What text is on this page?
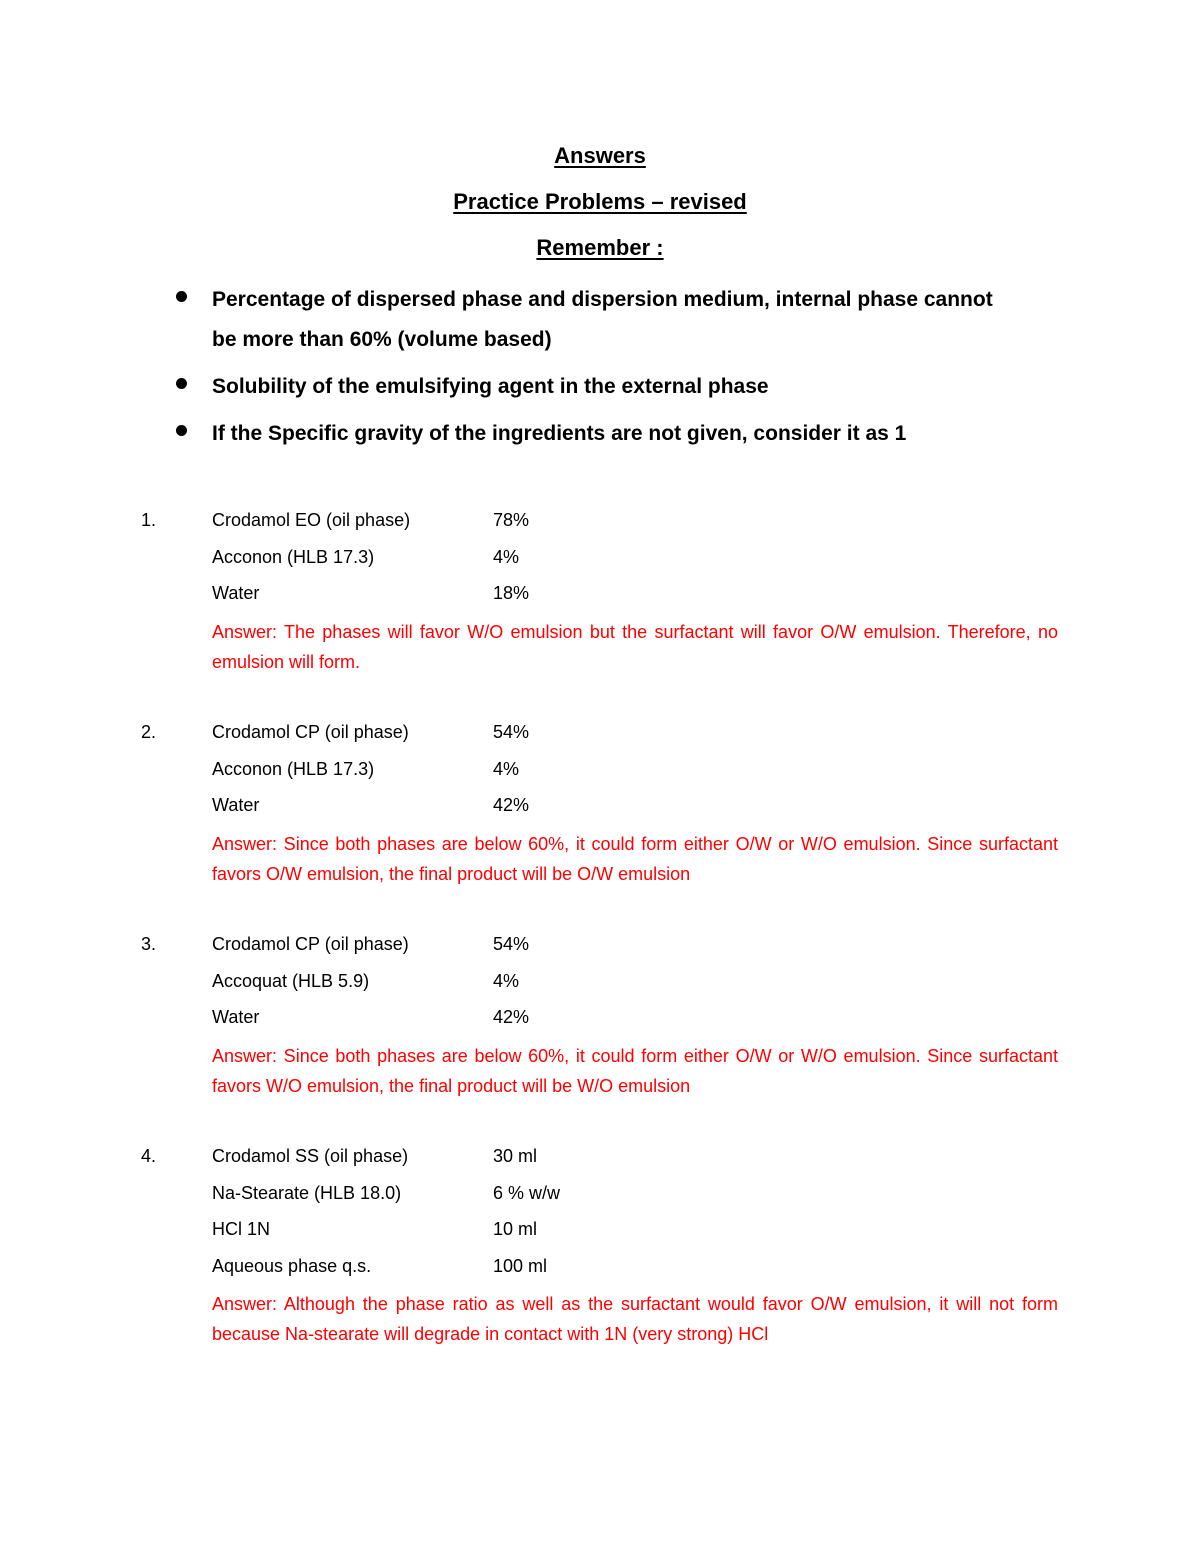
Answers
Practice Problems – revised
Remember :
Percentage of dispersed phase and dispersion medium, internal phase cannot be more than 60% (volume based)
Solubility of the emulsifying agent in the external phase
If the Specific gravity of the ingredients are not given, consider it as 1
1.	Crodamol EO (oil phase)	78%
Acconon (HLB 17.3)	4%
Water	18%
Answer: The phases will favor W/O emulsion but the surfactant will favor O/W emulsion. Therefore, no emulsion will form.
2.	Crodamol CP (oil phase)	54%
Acconon (HLB 17.3)	4%
Water	42%
Answer: Since both phases are below 60%, it could form either O/W or W/O emulsion. Since surfactant favors O/W emulsion, the final product will be O/W emulsion
3.	Crodamol CP (oil phase)	54%
Accoquat (HLB 5.9)	4%
Water	42%
Answer: Since both phases are below 60%, it could form either O/W or W/O emulsion. Since surfactant favors W/O emulsion, the final product will be W/O emulsion
4.	Crodamol SS (oil phase)	30 ml
Na-Stearate (HLB 18.0)	6 % w/w
HCl 1N	10 ml
Aqueous phase q.s.	100 ml
Answer: Although the phase ratio as well as the surfactant would favor O/W emulsion, it will not form because Na-stearate will degrade in contact with 1N (very strong) HCl
